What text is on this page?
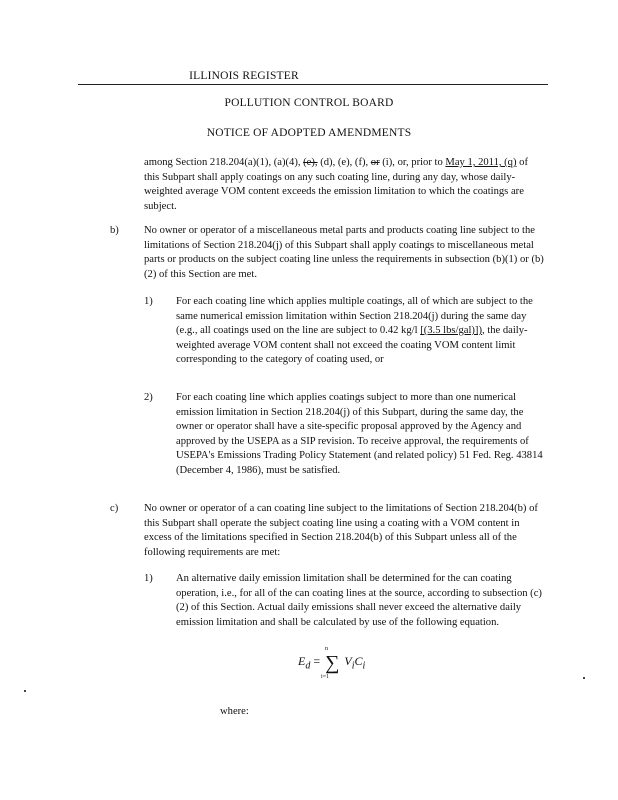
ILLINOIS REGISTER
POLLUTION CONTROL BOARD
NOTICE OF ADOPTED AMENDMENTS
among Section 218.204(a)(1), (a)(4), (e), (d), (e), (f), or (i), or, prior to May 1, 2011, (q) of this Subpart shall apply coatings on any such coating line, during any day, whose daily-weighted average VOM content exceeds the emission limitation to which the coatings are subject.
b) No owner or operator of a miscellaneous metal parts and products coating line subject to the limitations of Section 218.204(j) of this Subpart shall apply coatings to miscellaneous metal parts or products on the subject coating line unless the requirements in subsection (b)(1) or (b)(2) of this Section are met.
1) For each coating line which applies multiple coatings, all of which are subject to the same numerical emission limitation within Section 218.204(j) during the same day (e.g., all coatings used on the line are subject to 0.42 kg/l [(3.5 lbs/gal)]), the daily-weighted average VOM content shall not exceed the coating VOM content limit corresponding to the category of coating used, or
2) For each coating line which applies coatings subject to more than one numerical emission limitation in Section 218.204(j) of this Subpart, during the same day, the owner or operator shall have a site-specific proposal approved by the Agency and approved by the USEPA as a SIP revision. To receive approval, the requirements of USEPA's Emissions Trading Policy Statement (and related policy) 51 Fed. Reg. 43814 (December 4, 1986), must be satisfied.
c) No owner or operator of a can coating line subject to the limitations of Section 218.204(b) of this Subpart shall operate the subject coating line using a coating with a VOM content in excess of the limitations specified in Section 218.204(b) of this Subpart unless all of the following requirements are met:
1) An alternative daily emission limitation shall be determined for the can coating operation, i.e., for all of the can coating lines at the source, according to subsection (c)(2) of this Section. Actual daily emissions shall never exceed the alternative daily emission limitation and shall be calculated by use of the following equation.
$E_d$ =
n
∑
i=1
$V_iC_i$
where:
